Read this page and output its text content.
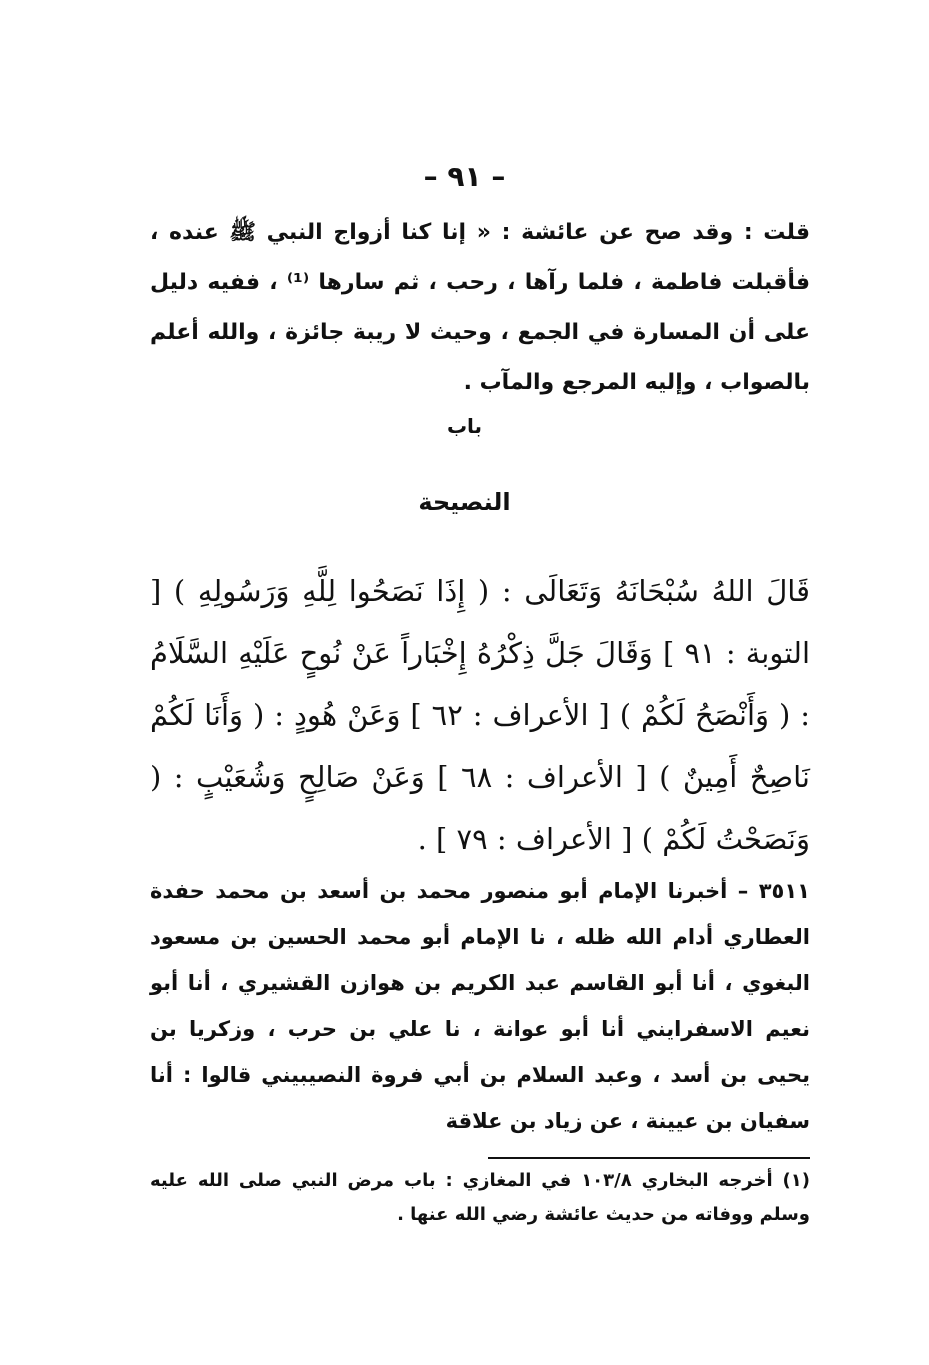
– ٩١ –
قلت : وقد صح عن عائشة : « إنا كنا أزواج النبي ﷺ عنده ، فأقبلت فاطمة ، فلما رآها ، رحب ، ثم سارها ⁽¹⁾ ، ففيه دليل على أن المسارة في الجمع ، وحيث لا ريبة جائزة ، والله أعلم بالصواب ، وإليه المرجع والمآب .
باب
النصيحة
قَالَ اللهُ سُبْحَانَهُ وَتَعَالَى : ( إِذَا نَصَحُوا لِلَّهِ وَرَسُولِهِ ) [ التوبة : ٩١ ] وَقَالَ جَلَّ ذِكْرُهُ إِخْبَاراً عَنْ نُوحٍ عَلَيْهِ السَّلَامُ : ( وَأَنْصَحُ لَكُمْ ) [ الأعراف : ٦٢ ] وَعَنْ هُودٍ : ( وَأَنَا لَكُمْ نَاصِحٌ أَمِينٌ ) [ الأعراف : ٦٨ ] وَعَنْ صَالِحٍ وَشُعَيْبٍ : ( وَنَصَحْتُ لَكُمْ ) [ الأعراف : ٧٩ ] .
٣٥١١ – أخبرنا الإمام أبو منصور محمد بن أسعد بن محمد حفدة العطاري أدام الله ظله ، نا الإمام أبو محمد الحسين بن مسعود البغوي ، أنا أبو القاسم عبد الكريم بن هوازن القشيري ، أنا أبو نعيم الاسفرايني أنا أبو عوانة ، نا علي بن حرب ، وزكريا بن يحيى بن أسد ، وعبد السلام بن أبي فروة النصيبيني قالوا : أنا سفيان بن عيينة ، عن زياد بن علاقة
(١) أخرجه البخاري ١٠٣/٨ في المغازي : باب مرض النبي صلى الله عليه وسلم ووفاته من حديث عائشة رضي الله عنها .
